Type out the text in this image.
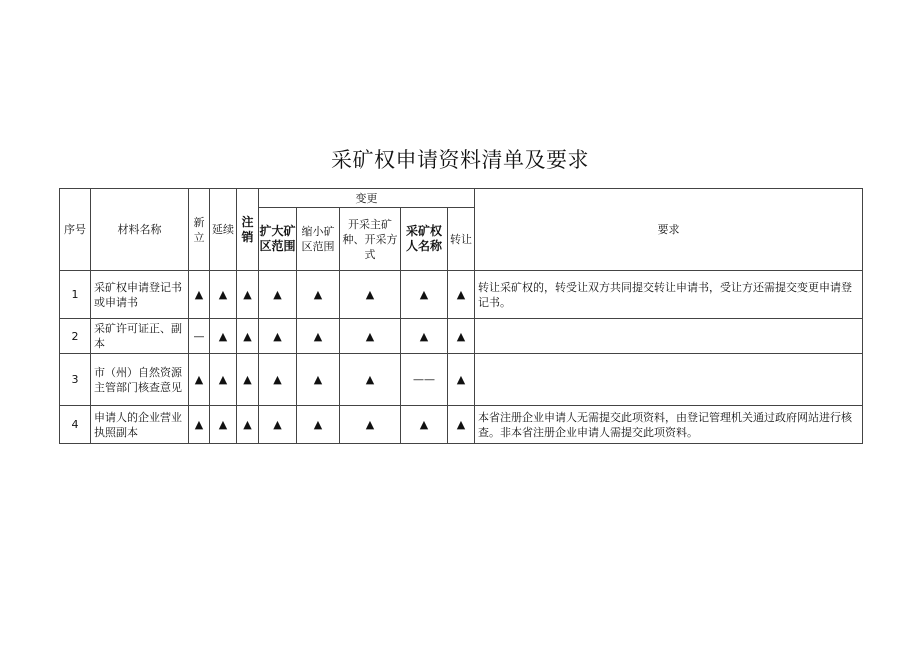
采矿权申请资料清单及要求
序号	材料名称	新立	延续	注销	变更					要求
					扩大矿区范围	缩小矿区范围	开采主矿种、开采方式	采矿权人名称	转让	
1	采矿权申请登记书或申请书	▲	▲	▲	▲	▲	▲	▲	▲	转让采矿权的，转受让双方共同提交转让申请书，受让方还需提交变更申请登记书。
2	采矿许可证正、副本	—	▲	▲	▲	▲	▲	▲	▲	
3	市（州）自然资源主管部门核查意见	▲	▲	▲	▲	▲	▲	——	▲	
4	申请人的企业营业执照副本	▲	▲	▲	▲	▲	▲	▲	▲	本省注册企业申请人无需提交此项资料，由登记管理机关通过政府网站进行核查。非本省注册企业申请人需提交此项资料。
